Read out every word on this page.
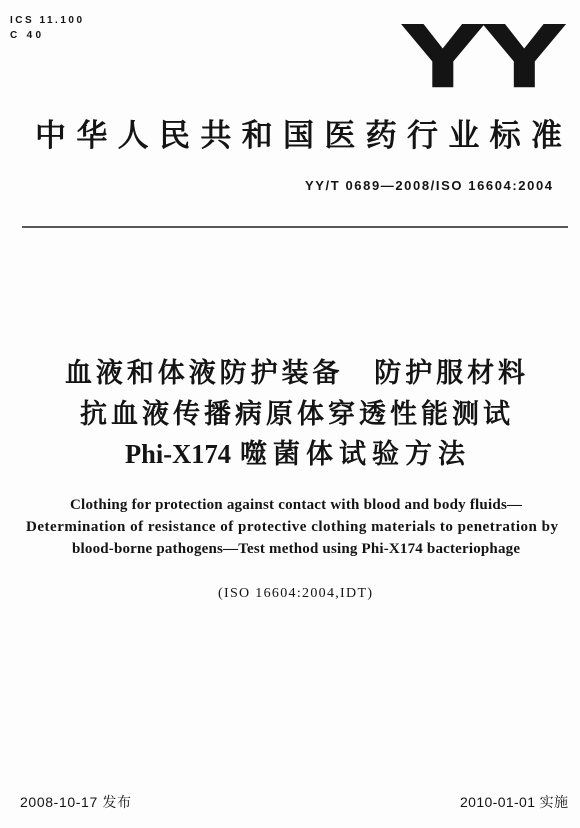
ICS 11.100
C 40	YY
中华人民共和国医药行业标准
YY/T 0689—2008/ISO 16604:2004
血液和体液防护装备　防护服材料
抗血液传播病原体穿透性能测试
Phi-X174 噬菌体试验方法
Clothing for protection against contact with blood and body fluids—
Determination of resistance of protective clothing materials to penetration by
blood-borne pathogens—Test method using Phi-X174 bacteriophage
(ISO 16604:2004,IDT)
2008-10-17 发布	2010-01-01 实施
